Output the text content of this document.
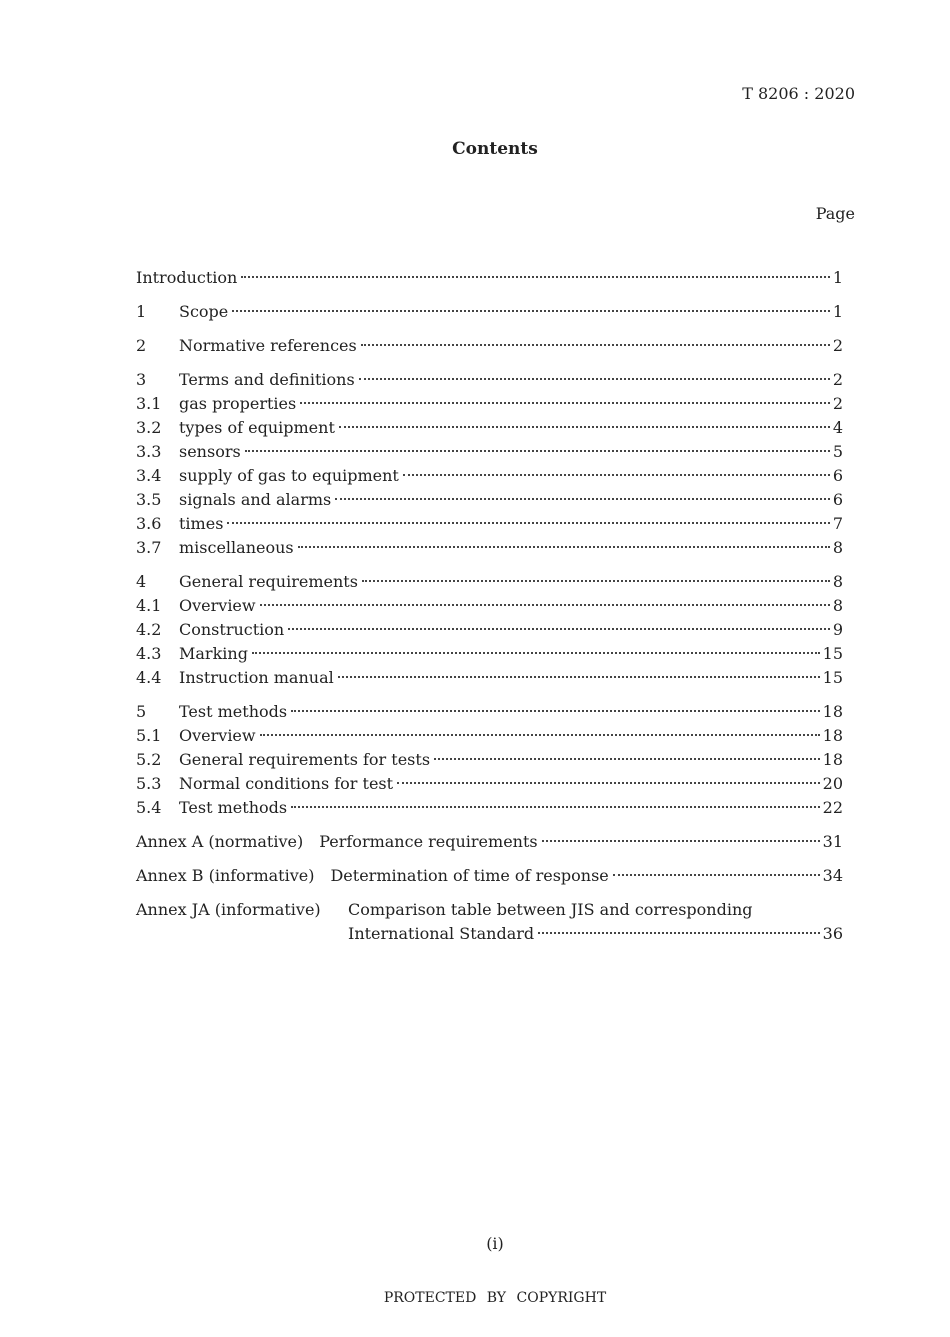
T 8206 : 2020
Contents
Page
Introduction	1
1	Scope	1
2	Normative references	2
3	Terms and definitions	2
3.1	gas properties	2
3.2	types of equipment	4
3.3	sensors	5
3.4	supply of gas to equipment	6
3.5	signals and alarms	6
3.6	times	7
3.7	miscellaneous	8
4	General requirements	8
4.1	Overview	8
4.2	Construction	9
4.3	Marking	15
4.4	Instruction manual	15
5	Test methods	18
5.1	Overview	18
5.2	General requirements for tests	18
5.3	Normal conditions for test	20
5.4	Test methods	22
Annex A (normative) Performance requirements	31
Annex B (informative) Determination of time of response	34
Annex JA (informative)	Comparison table between JIS and corresponding
International Standard	36
(i)
PROTECTED BY COPYRIGHT
